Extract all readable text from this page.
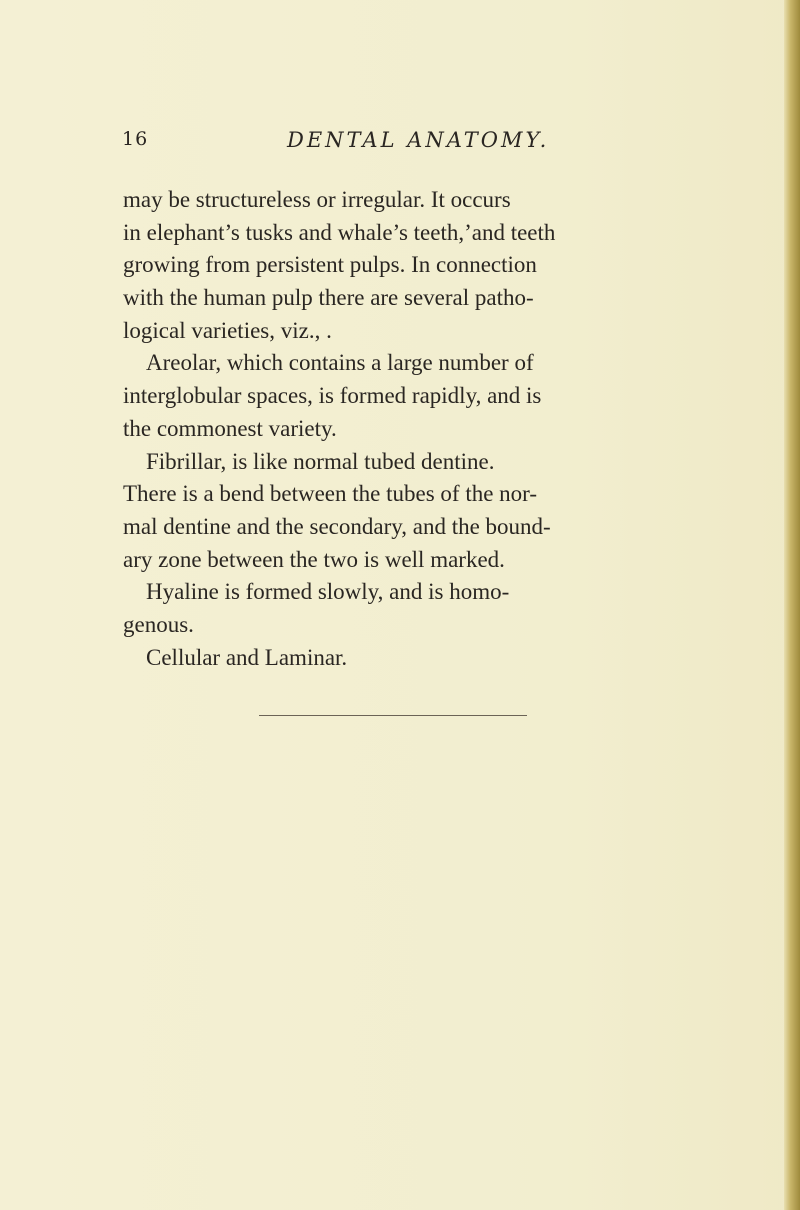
16	DENTAL ANATOMY.
may be structureless or irregular. It occurs
in elephant’s tusks and whale’s teeth,’and teeth
growing from persistent pulps. In connection
with the human pulp there are several patho-
logical varieties, viz., .
Areolar, which contains a large number of
interglobular spaces, is formed rapidly, and is
the commonest variety.
Fibrillar, is like normal tubed dentine.
There is a bend between the tubes of the nor-
mal dentine and the secondary, and the bound-
ary zone between the two is well marked.
Hyaline is formed slowly, and is homo-
genous.
Cellular and Laminar.
